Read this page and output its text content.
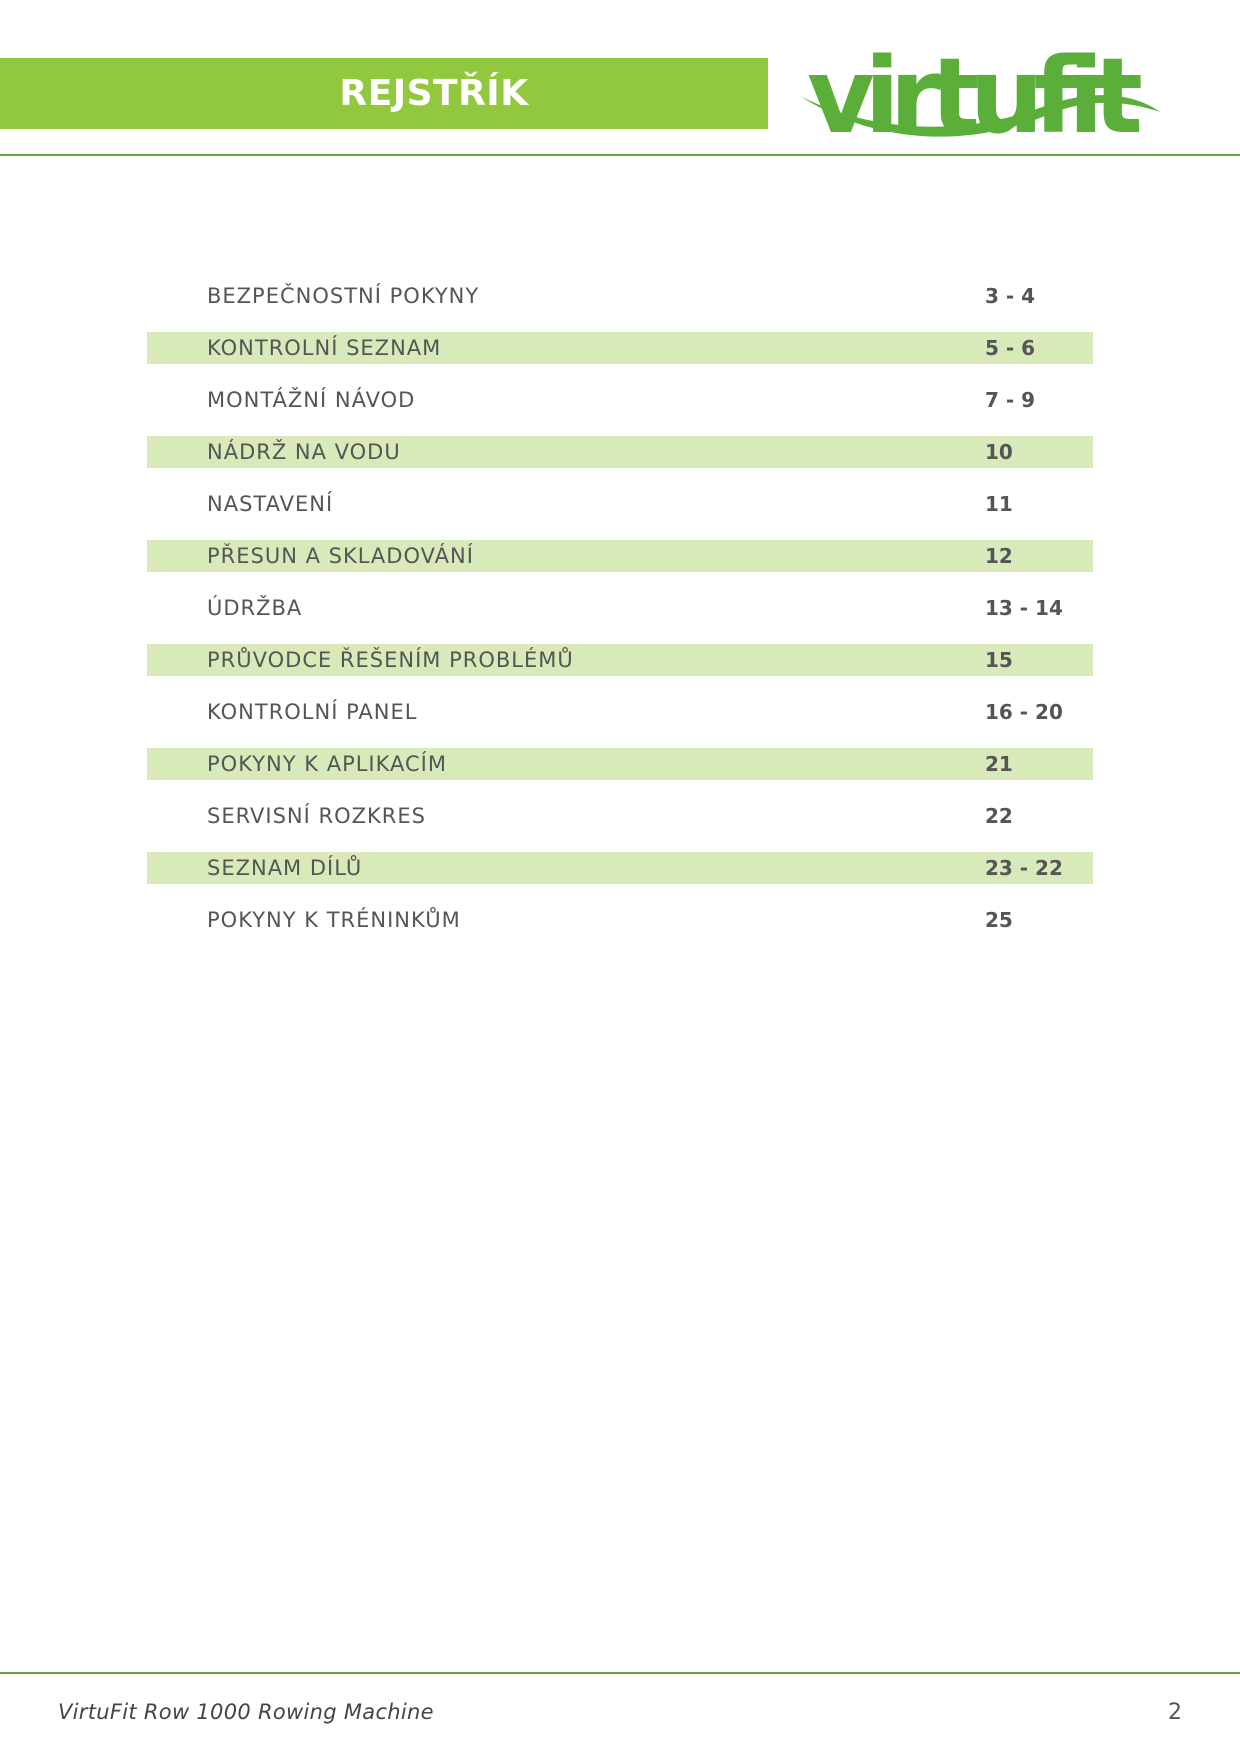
REJSTŘÍK	virtufit
BEZPEČNOSTNÍ POKYNY	3 - 4
KONTROLNÍ SEZNAM	5 - 6
MONTÁŽNÍ NÁVOD	7 - 9
NÁDRŽ NA VODU	10
NASTAVENÍ	11
PŘESUN A SKLADOVÁNÍ	12
ÚDRŽBA	13 - 14
PRŮVODCE ŘEŠENÍM PROBLÉMŮ	15
KONTROLNÍ PANEL	16 - 20
POKYNY K APLIKACÍM	21
SERVISNÍ ROZKRES	22
SEZNAM DÍLŮ	23 - 22
POKYNY K TRÉNINKŮM	25
VirtuFit Row 1000 Rowing Machine	2
